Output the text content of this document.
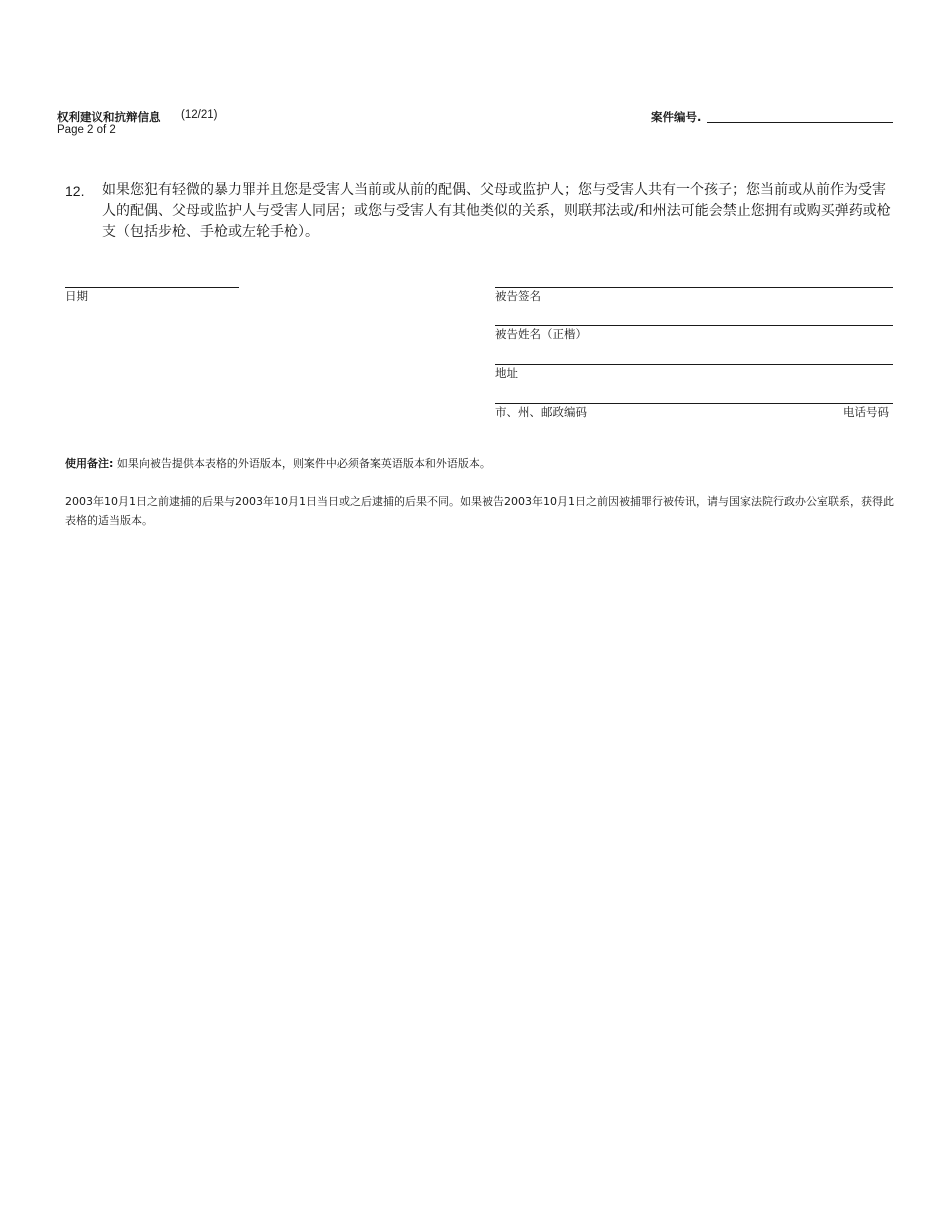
权利建议和抗辩信息 (12/21)
Page 2 of 2
案件编号.
12. 如果您犯有轻微的暴力罪并且您是受害人当前或从前的配偶、父母或监护人；您与受害人共有一个孩子；您当前或从前作为受害人的配偶、父母或监护人与受害人同居；或您与受害人有其他类似的关系，则联邦法或/和州法可能会禁止您拥有或购买弹药或枪支（包括步枪、手枪或左轮手枪）。
日期	被告签名
被告姓名（正楷）
地址
市、州、邮政编码	电话号码
使用备注: 如果向被告提供本表格的外语版本，则案件中必须备案英语版本和外语版本。
2003年10月1日之前逮捕的后果与2003年10月1日当日或之后逮捕的后果不同。如果被告2003年10月1日之前因被捕罪行被传讯，请与国家法院行政办公室联系，获得此表格的适当版本。
